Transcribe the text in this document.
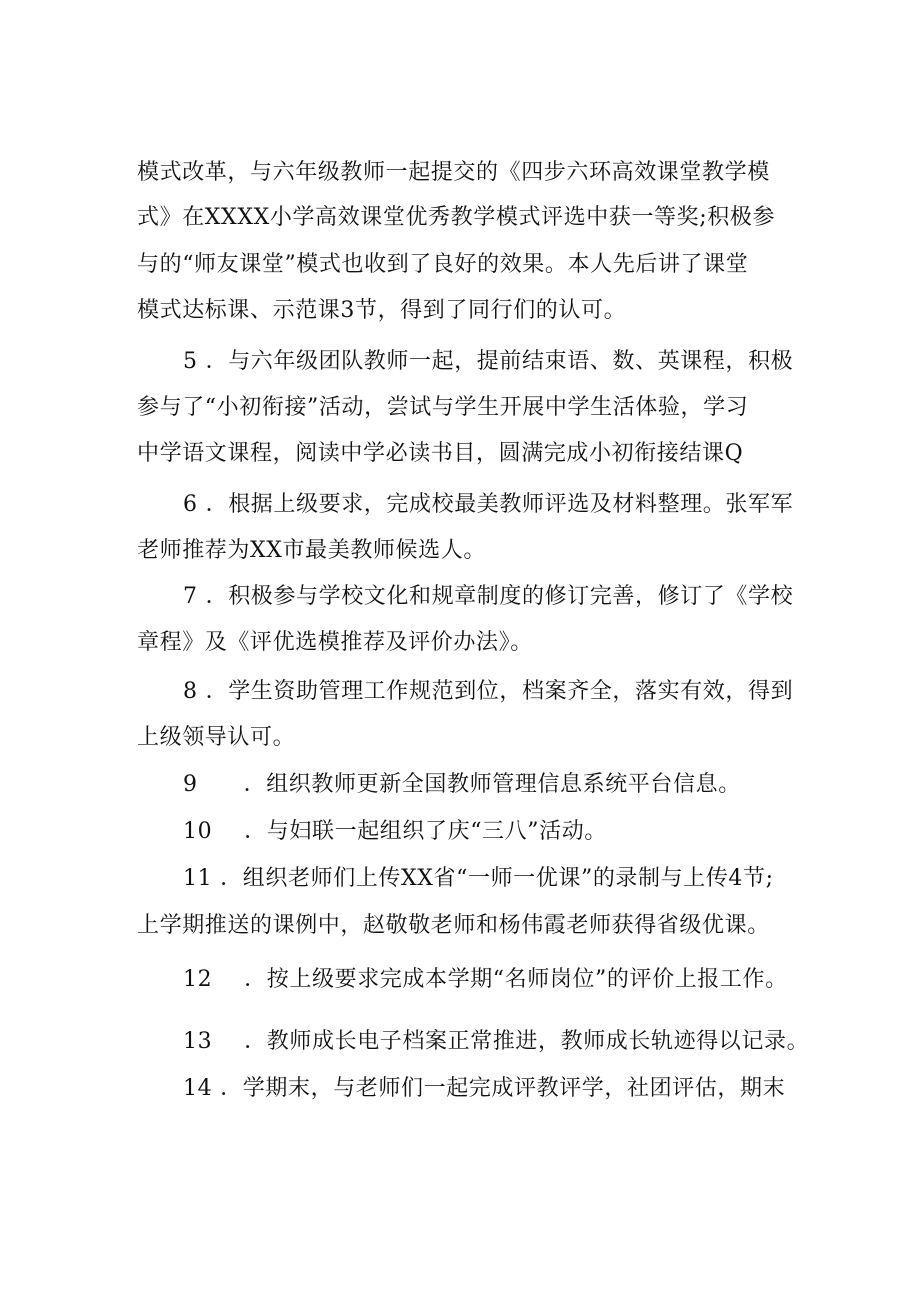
模式改革，与六年级教师一起提交的《四步六环高效课堂教学模
式》在XXXX小学高效课堂优秀教学模式评选中获一等奖;积极参
与的“师友课堂”模式也收到了良好的效果。本人先后讲了课堂
模式达标课、示范课3节，得到了同行们的认可。
5 ．与六年级团队教师一起，提前结束语、数、英课程，积极
参与了“小初衔接”活动，尝试与学生开展中学生活体验，学习
中学语文课程，阅读中学必读书目，圆满完成小初衔接结课Q
6 ．根据上级要求，完成校最美教师评选及材料整理。张军军
老师推荐为XX市最美教师候选人。
7 ．积极参与学校文化和规章制度的修订完善，修订了《学校
章程》及《评优选模推荐及评价办法》。
8 ．学生资助管理工作规范到位，档案齐全，落实有效，得到
上级领导认可。
9 ．组织教师更新全国教师管理信息系统平台信息。
10 ．与妇联一起组织了庆“三八”活动。
11 ．组织老师们上传XX省“一师一优课”的录制与上传4节;
上学期推送的课例中，赵敬敬老师和杨伟霞老师获得省级优课。
12 ．按上级要求完成本学期“名师岗位”的评价上报工作。
13 ．教师成长电子档案正常推进，教师成长轨迹得以记录。
14 ．学期末，与老师们一起完成评教评学，社团评估，期末
